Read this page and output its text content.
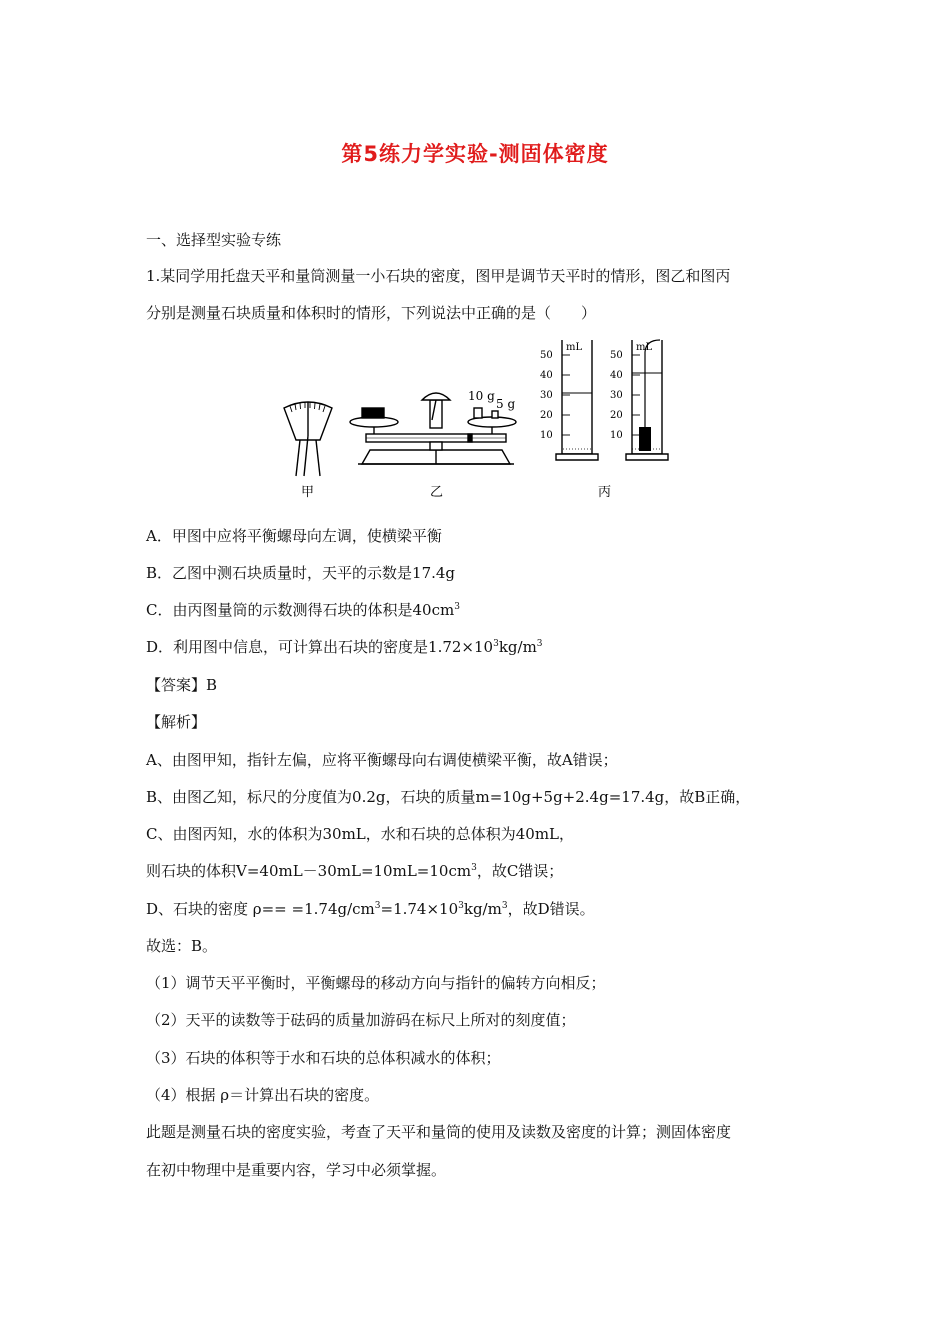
第5练力学实验-测固体密度
一、选择型实验专练
1.某同学用托盘天平和量筒测量一小石块的密度，图甲是调节天平时的情形，图乙和图丙
分别是测量石块质量和体积时的情形，下列说法中正确的是（　　）
甲
10 g
5 g
乙
mL
50
40
30
20
10
mL
50
40
30
20
10
丙
A．甲图中应将平衡螺母向左调，使横梁平衡
B．乙图中测石块质量时，天平的示数是17.4g
C．由丙图量筒的示数测得石块的体积是$40cm^3$
D．利用图中信息，可计算出石块的密度是$1.72\times 10^3kg/m^3$
【答案】B
【解析】
A、由图甲知，指针左偏，应将平衡螺母向右调使横梁平衡，故A错误；
B、由图乙知，标尺的分度值为0.2g，石块的质量m=10g+5g+2.4g=17.4g，故B正确，
C、由图丙知，水的体积为30mL，水和石块的总体积为40mL，
则石块的体积$V=40mL-30mL=10mL=10cm^3$，故C错误；
D、石块的密度 $\rho== =1.74g/cm^3=1.74\times 10^3kg/m^3$，故D错误。
故选：B。
（1）调节天平平衡时，平衡螺母的移动方向与指针的偏转方向相反；
（2）天平的读数等于砝码的质量加游码在标尺上所对的刻度值；
（3）石块的体积等于水和石块的总体积减水的体积；
（4）根据 ρ＝计算出石块的密度。
此题是测量石块的密度实验，考查了天平和量筒的使用及读数及密度的计算；测固体密度
在初中物理中是重要内容，学习中必须掌握。
